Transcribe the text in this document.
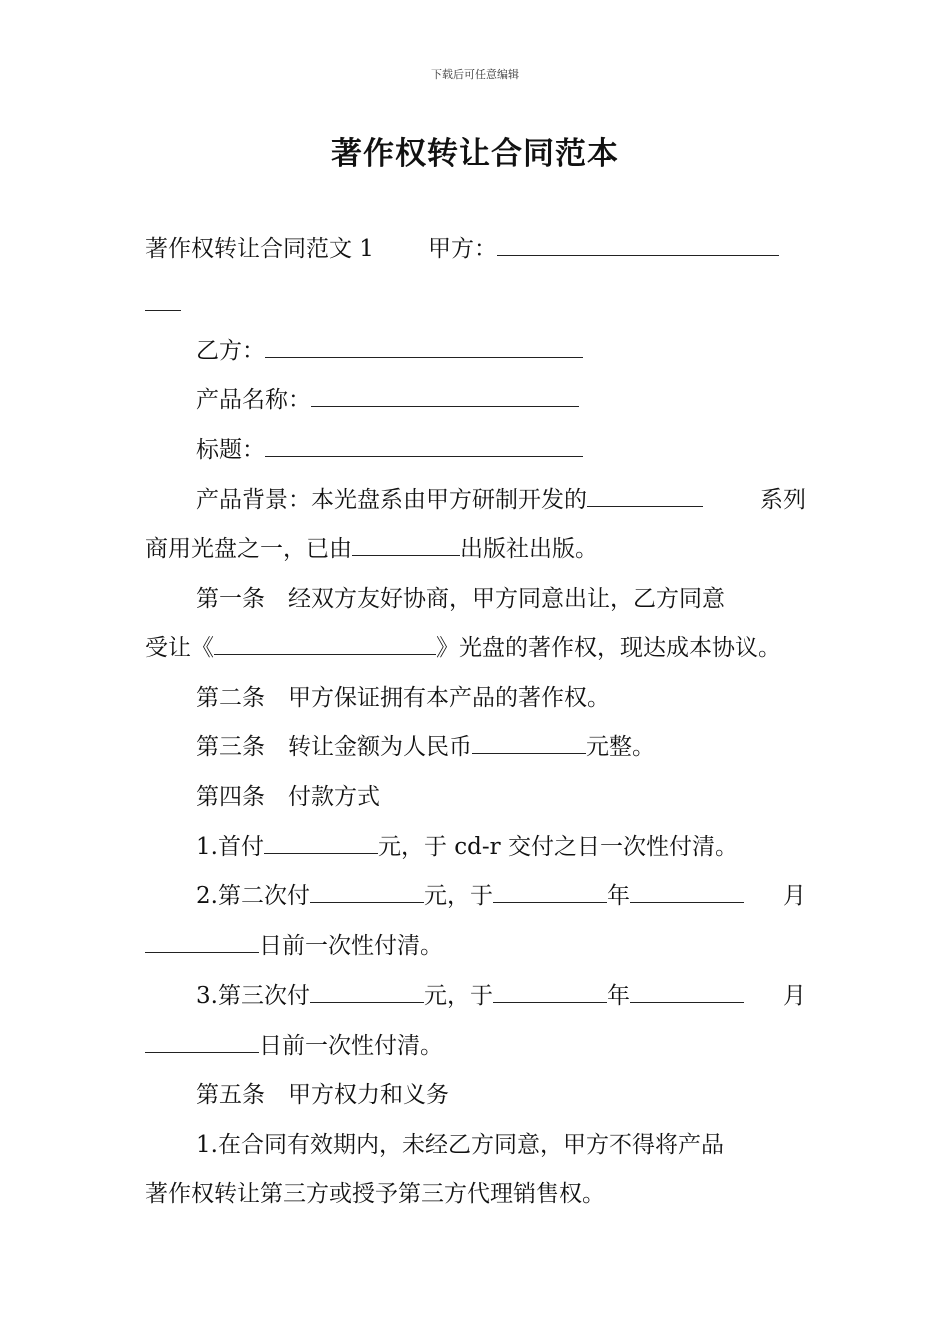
下载后可任意编辑
著作权转让合同范本
著作权转让合同范文 1 甲方：
乙方：
产品名称：
标题：
产品背景：本光盘系由甲方研制开发的	系列
商用光盘之一，已由	出版社出版。
第一条　经双方友好协商，甲方同意出让，乙方同意
受让《	》光盘的著作权，现达成本协议。
第二条　甲方保证拥有本产品的著作权。
第三条　转让金额为人民币	元整。
第四条　付款方式
1.首付	元，于 cd-r 交付之日一次性付清。
2.第二次付	元，于	年	月
日前一次性付清。
3.第三次付	元，于	年	月
日前一次性付清。
第五条　甲方权力和义务
1.在合同有效期内，未经乙方同意，甲方不得将产品
著作权转让第三方或授予第三方代理销售权。
